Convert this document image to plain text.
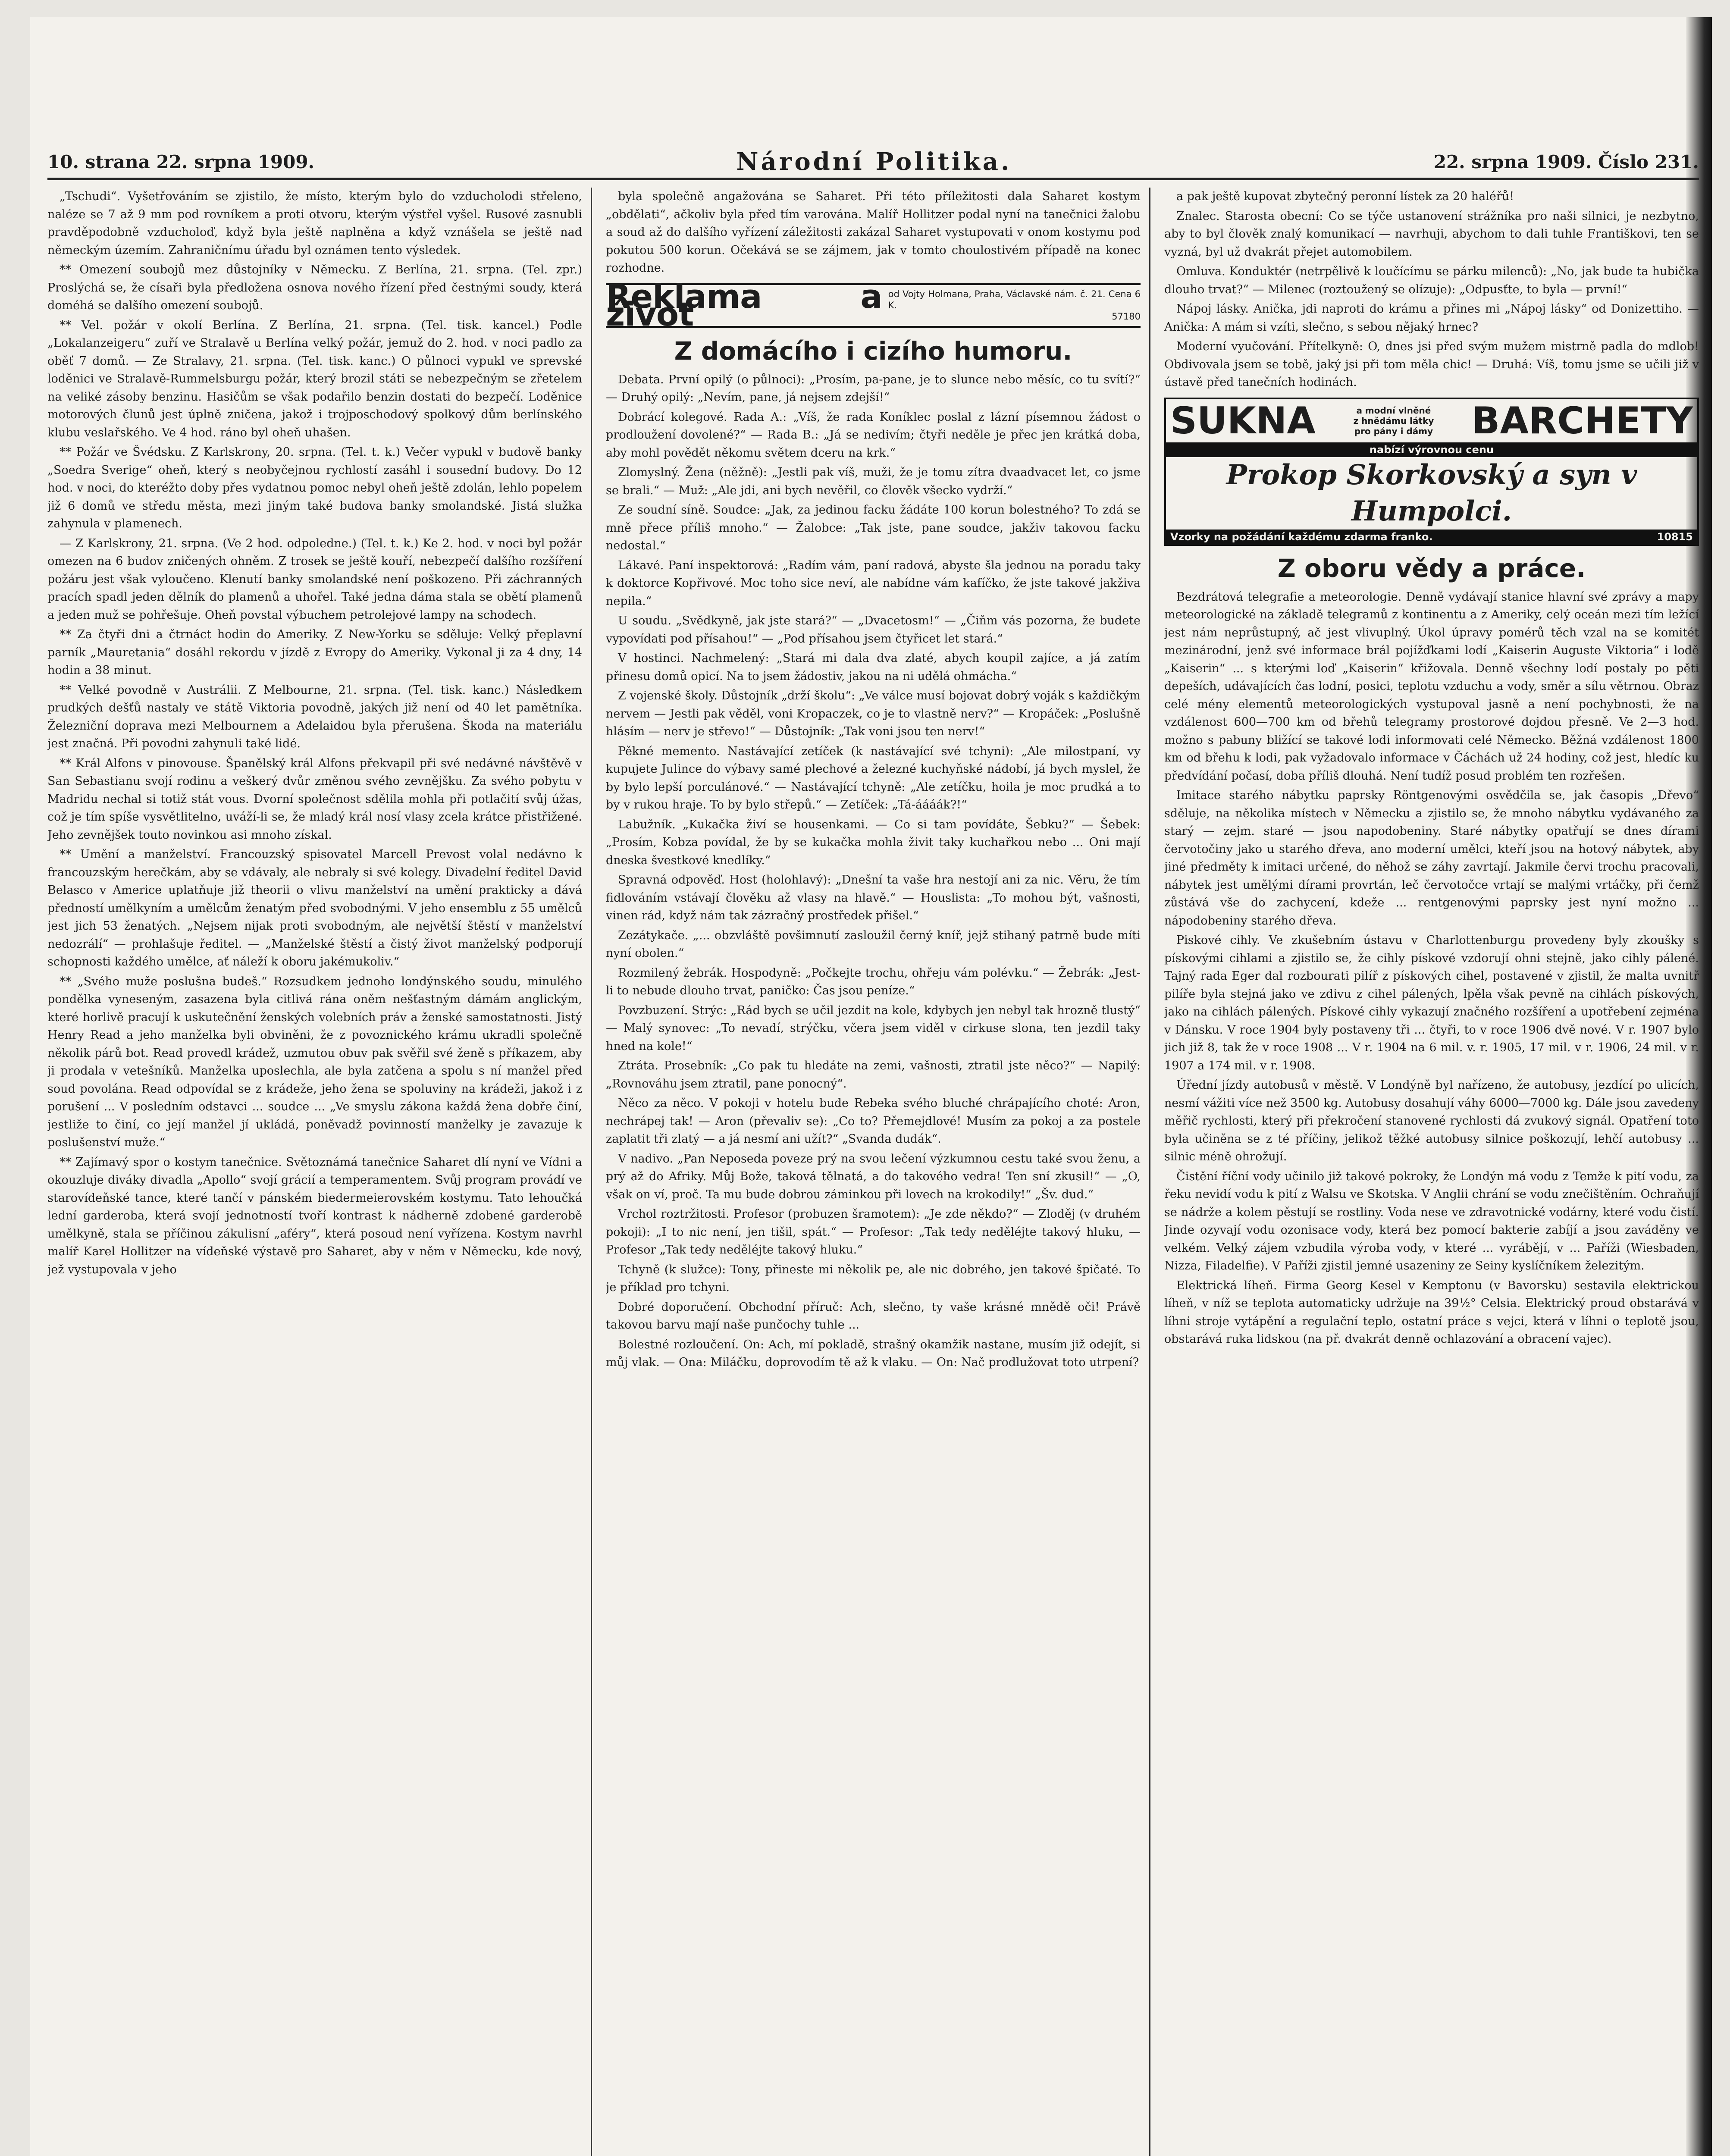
10. strana 22. srpna 1909.	Národní Politika.	22. srpna 1909. Číslo 231.

„Tschudi“. Vyšetřováním se zjistilo, že místo, kterým bylo do vzducholodi střeleno, naléze se 7 až 9 mm pod rovníkem a proti otvoru, kterým výstřel vyšel. Rusové zasnubli pravděpodobně vzducholoď, když byla ještě naplněna a když vznášela se ještě nad německým územím. Zahraničnímu úřadu byl oznámen tento výsledek.

** Omezení soubojů mez důstojníky v Německu. Z Berlína, 21. srpna. (Tel. zpr.) Proslýchá se, že císaři byla předložena osnova nového řízení před čestnými soudy, která doméhá se dalšího omezení soubojů.

** Vel. požár v okolí Berlína. Z Berlína, 21. srpna. (Tel. tisk. kancel.) Podle „Lokalanzeigeru“ zuří ve Stralavě u Berlína velký požár, jemuž do 2. hod. v noci padlo za oběť 7 domů. — Ze Stralavy, 21. srpna. (Tel. tisk. kanc.) O půlnoci vypukl ve sprevské loděnici ve Stralavě-Rummelsburgu požár, který brozil státi se nebezpečným se zřetelem na veliké zásoby benzinu. Hasičům se však podařilo benzin dostati do bezpečí. Loděnice motorových člunů jest úplně zničena, jakož i trojposchodový spolkový dům berlínského klubu veslařského. Ve 4 hod. ráno byl oheň uhašen.

** Požár ve Švédsku. Z Karlskrony, 20. srpna. (Tel. t. k.) Večer vypukl v budově banky „Soedra Sverige“ oheň, který s neobyčejnou rychlostí zasáhl i sousední budovy. Do 12 hod. v noci, do kteréžto doby přes vydatnou pomoc nebyl oheň ještě zdolán, lehlo popelem již 6 domů ve středu města, mezi jiným také budova banky smolandské. Jistá služka zahynula v plamenech.

— Z Karlskrony, 21. srpna. (Ve 2 hod. odpoledne.) (Tel. t. k.) Ke 2. hod. v noci byl požár omezen na 6 budov zničených ohněm. Z trosek se ještě kouří, nebezpečí dalšího rozšíření požáru jest však vyloučeno. Klenutí banky smolandské není poškozeno. Při záchranných pracích spadl jeden dělník do plamenů a uhořel. Také jedna dáma stala se obětí plamenů a jeden muž se pohřešuje. Oheň povstal výbuchem petrolejové lampy na schodech.

** Za čtyři dni a čtrnáct hodin do Ameriky. Z New-Yorku se sděluje: Velký přeplavní parník „Mauretania“ dosáhl rekordu v jízdě z Evropy do Ameriky. Vykonal ji za 4 dny, 14 hodin a 38 minut.

** Velké povodně v Austrálii. Z Melbourne, 21. srpna. (Tel. tisk. kanc.) Následkem prudkých dešťů nastaly ve státě Viktoria povodně, jakých již není od 40 let pamětníka. Železniční doprava mezi Melbournem a Adelaidou byla přerušena. Škoda na materiálu jest značná. Při povodni zahynuli také lidé.

** Král Alfons v pinovouse. Španělský král Alfons překvapil při své nedávné návštěvě v San Sebastianu svojí rodinu a veškerý dvůr změnou svého zevnějšku. Za svého pobytu v Madridu nechal si totiž stát vous. Dvorní společnost sdělila mohla při potlačití svůj úžas, což je tím spíše vysvětlitelno, uváží-li se, že mladý král nosí vlasy zcela krátce přistřižené. Jeho zevnějšek touto novinkou asi mnoho získal.

** Umění a manželství. Francouzský spisovatel Marcell Prevost volal nedávno k francouzským herečkám, aby se vdávaly, ale nebraly si své kolegy. Divadelní ředitel David Belasco v Americe uplatňuje již theorii o vlivu manželství na umění prakticky a dává předností umělkyním a umělcům ženatým před svobodnými. V jeho ensemblu z 55 umělců jest jich 53 ženatých. „Nejsem nijak proti svobodným, ale největší štěstí v manželství nedozrálí“ — prohlašuje ředitel. — „Manželské štěstí a čistý život manželský podporují schopnosti každého umělce, ať náleží k oboru jakémukoliv.“

** „Svého muže poslušna budeš.“ Rozsudkem jednoho londýnského soudu, minulého pondělka vyneseným, zasazena byla citlivá rána oněm nešťastným dámám anglickým, které horlivě pracují k uskutečnění ženských volebních práv a ženské samostatnosti. Jistý Henry Read a jeho manželka byli obviněni, že z povoznického krámu ukradli společně několik párů bot. Read provedl krádež, uzmutou obuv pak svěřil své ženě s příkazem, aby ji prodala v vetešníků. Manželka uposlechla, ale byla zatčena a spolu s ní manžel před soud povolána. Read odpovídal se z krádeže, jeho žena se spoluviny na krádeži, jakož i z porušení ... V posledním odstavci ... soudce ... „Ve smyslu zákona každá žena dobře činí, jestliže to činí, co její manžel jí ukládá, poněvadž povinností manželky je zavazuje k poslušenství muže.“

** Zajímavý spor o kostym tanečnice. Světoznámá tanečnice Saharet dlí nyní ve Vídni a okouzluje diváky divadla „Apollo“ svojí grácií a temperamentem. Svůj program provádí ve starovídeňské tance, které tančí v pánském biedermeierovském kostymu. Tato lehoučká lední garderoba, která svojí jednotností tvoří kontrast k nádherně zdobené garderobě umělkyně, stala se příčinou zákulisní „aféry“, která posoud není vyřízena. Kostym navrhl malíř Karel Hollitzer na vídeňské výstavě pro Saharet, aby v něm v Německu, kde nový, jež vystupovala v jeho

byla společně angažována se Saharet. Při této příležitosti dala Saharet kostym „obdělati“, ačkoliv byla před tím varována. Malíř Hollitzer podal nyní na tanečnici žalobu a soud až do dalšího vyřízení záležitosti zakázal Saharet vystupovati v onom kostymu pod pokutou 500 korun. Očekává se se zájmem, jak v tomto choulostivém případě na konec rozhodne.

Reklama a život
od Vojty Holmana, Praha, Václavské nám. č. 21. Cena 6 K.
57180
Z domácího i cizího humoru.

Debata. První opilý (o půlnoci): „Prosím, pa-pane, je to slunce nebo měsíc, co tu svítí?“ — Druhý opilý: „Nevím, pane, já nejsem zdejší!“

Dobrácí kolegové. Rada A.: „Víš, že rada Koníklec poslal z lázní písemnou žádost o prodloužení dovolené?“ — Rada B.: „Já se nedivím; čtyři neděle je přec jen krátká doba, aby mohl povědět někomu světem dceru na krk.“

Zlomyslný. Žena (něžně): „Jestli pak víš, muži, že je tomu zítra dvaadvacet let, co jsme se brali.“ — Muž: „Ale jdi, ani bych nevěřil, co člověk všecko vydrží.“

Ze soudní síně. Soudce: „Jak, za jedinou facku žádáte 100 korun bolestného? To zdá se mně přece příliš mnoho.“ — Žalobce: „Tak jste, pane soudce, jakživ takovou facku nedostal.“

Lákavé. Paní inspektorová: „Radím vám, paní radová, abyste šla jednou na poradu taky k doktorce Kopřivové. Moc toho sice neví, ale nabídne vám kafíčko, že jste takové jakživa nepila.“

U soudu. „Svědkyně, jak jste stará?“ — „Dvacetosm!“ — „Čiňm vás pozorna, že budete vypovídati pod přísahou!“ — „Pod přísahou jsem čtyřicet let stará.“

V hostinci. Nachmelený: „Stará mi dala dva zlaté, abych koupil zajíce, a já zatím přinesu domů opicí. Na to jsem žádostiv, jakou na ni udělá ohmácha.“

Z vojenské školy. Důstojník „drží školu“: „Ve válce musí bojovat dobrý voják s každičkým nervem — Jestli pak věděl, voni Kropaczek, co je to vlastně nerv?“ — Kropáček: „Poslušně hlásím — nerv je střevo!“ — Důstojník: „Tak voni jsou ten nerv!“

Pěkné memento. Nastávající zetíček (k nastávající své tchyni): „Ale milostpaní, vy kupujete Julince do výbavy samé plechové a železné kuchyňské nádobí, já bych myslel, že by bylo lepší porculánové.“ — Nastávající tchyně: „Ale zetíčku, hoila je moc prudká a to by v rukou hraje. To by bylo střepů.“ — Zetíček: „Tá-áááák?!“

Labužník. „Kukačka živí se housenkami. — Co si tam povídáte, Šebku?“ — Šebek: „Prosím, Kobza povídal, že by se kukačka mohla živit taky kuchařkou nebo ... Oni mají dneska švestkové knedlíky.“

Spravná odpověď. Host (holohlavý): „Dnešní ta vaše hra nestojí ani za nic. Věru, že tím fidlováním vstávají člověku až vlasy na hlavě.“ — Houslista: „To mohou být, vašnosti, vinen rád, když nám tak zázračný prostředek přišel.“

Zezátykače. „... obzvláště povšimnutí zasloužil černý kníř, jejž stihaný patrně bude míti nyní obolen.“

Rozmilený žebrák. Hospodyně: „Počkejte trochu, ohřeju vám polévku.“ — Žebrák: „Jest-li to nebude dlouho trvat, paničko: Čas jsou peníze.“

Povzbuzení. Strýc: „Rád bych se učil jezdit na kole, kdybych jen nebyl tak hrozně tlustý“ — Malý synovec: „To nevadí, strýčku, včera jsem viděl v cirkuse slona, ten jezdil taky hned na kole!“

Ztráta. Prosebník: „Co pak tu hledáte na zemi, vašnosti, ztratil jste něco?“ — Napilý: „Rovnováhu jsem ztratil, pane ponocný“.

Něco za něco. V pokoji v hotelu bude Rebeka svého bluché chrápajícího choté: Aron, nechrápej tak! — Aron (převaliv se): „Co to? Přemejdlové! Musím za pokoj a za postele zaplatit tři zlatý — a já nesmí ani užít?“ „Svanda dudák“.

V nadivo. „Pan Neposeda poveze prý na svou lečení výzkumnou cestu také svou ženu, a prý až do Afriky. Můj Bože, taková tělnatá, a do takového vedra! Ten sní zkusil!“ — „O, však on ví, proč. Ta mu bude dobrou záminkou při lovech na krokodily!“ „Šv. dud.“

Vrchol roztržitosti. Profesor (probuzen šramotem): „Je zde někdo?“ — Zloděj (v druhém pokoji): „I to nic není, jen tišil, spát.“ — Profesor: „Tak tedy neděléjte takový hluku, — Profesor „Tak tedy neděléjte takový hluku.“

Tchyně (k služce): Tony, přineste mi několik pe, ale nic dobrého, jen takové špičaté. To je příklad pro tchyni.

Dobré doporučení. Obchodní příruč: Ach, slečno, ty vaše krásné mnědě oči! Právě takovou barvu mají naše punčochy tuhle ...

Bolestné rozloučení. On: Ach, mí pokladě, strašný okamžik nastane, musím již odejít, si můj vlak. — Ona: Miláčku, doprovodím tě až k vlaku. — On: Nač prodlužovat toto utrpení?

a pak ještě kupovat zbytečný peronní lístek za 20 haléřů!

Znalec. Starosta obecní: Co se týče ustanovení strážníka pro naši silnici, je nezbytno, aby to byl člověk znalý komunikací — navrhuji, abychom to dali tuhle Františkovi, ten se vyzná, byl už dvakrát přejet automobilem.

Omluva. Konduktér (netrpělivě k loučícímu se párku milenců): „No, jak bude ta hubička dlouho trvat?“ — Milenec (roztoužený se olízuje): „Odpusťte, to byla — první!“

Nápoj lásky. Anička, jdi naproti do krámu a přines mi „Nápoj lásky“ od Donizettiho. — Anička: A mám si vzíti, slečno, s sebou nějaký hrnec?

Moderní vyučování. Přítelkyně: O, dnes jsi před svým mužem mistrně padla do mdlob! Obdivovala jsem se tobě, jaký jsi při tom měla chic! — Druhá: Víš, tomu jsme se učili již v ústavě před tanečních hodinách.

SUKNA	a modní vlněné
z hnědámu látky
pro pány i dámy BARCHETY
nabízí výrovnou cenu
Prokop Skorkovský a syn v Humpolci.
Vzorky na požádání každému zdarma franko.	10815
Z oboru vědy a práce.

Bezdrátová telegrafie a meteorologie. Denně vydávají stanice hlavní své zprávy a mapy meteorologické na základě telegramů z kontinentu a z Ameriky, celý oceán mezi tím ležící jest nám neprůstupný, ač jest vlivuplný. Úkol úpravy pomérů těch vzal na se komitét mezinárodní, jenž své informace brál pojížďkami lodí „Kaiserin Auguste Viktoria“ i lodě „Kaiserin“ ... s kterými loď „Kaiserin“ křižovala. Denně všechny lodí postaly po pěti depeších, udávajících čas lodní, posici, teplotu vzduchu a vody, směr a sílu větrnou. Obraz celé mény elementů meteorologických vystupoval jasně a není pochybnosti, že na vzdálenost 600—700 km od břehů telegramy prostorové dojdou přesně. Ve 2—3 hod. možno s pabuny bližící se takové lodi informovati celé Německo. Běžná vzdálenost 1800 km od břehu k lodi, pak vyžadovalo informace v Čáchách už 24 hodiny, což jest, hledíc ku předvídání počasí, doba příliš dlouhá. Není tudíž posud problém ten rozřešen.

Imitace starého nábytku paprsky Röntgenovými osvědčila se, jak časopis „Dřevo“ sděluje, na několika místech v Německu a zjistilo se, že mnoho nábytku vydávaného za starý — zejm. staré — jsou napodobeniny. Staré nábytky opatřují se dnes dírami červotočiny jako u starého dřeva, ano moderní umělci, kteří jsou na hotový nábytek, aby jiné předměty k imitaci určené, do něhož se záhy zavrtají. Jakmile červi trochu pracovali, nábytek jest umělými dírami provrtán, leč červotočce vrtají se malými vrtáčky, při čemž zůstává vše do zachycení, kdeže ... rentgenovými paprsky jest nyní možno ... nápodobeniny starého dřeva.

Piskové cihly. Ve zkušebním ústavu v Charlottenburgu provedeny byly zkoušky s pískovými cihlami a zjistilo se, že cihly pískové vzdorují ohni stejně, jako cihly pálené. Tajný rada Eger dal rozbourati pilíř z pískových cihel, postavené v zjistil, že malta uvnitř pilíře byla stejná jako ve zdivu z cihel pálených, lpěla však pevně na cihlách pískových, jako na cihlách pálených. Pískové cihly vykazují značného rozšíření a upotřebení zejména v Dánsku. V roce 1904 byly postaveny tři ... čtyři, to v roce 1906 dvě nové. V r. 1907 bylo jich již 8, tak že v roce 1908 ... V r. 1904 na 6 mil. v. r. 1905, 17 mil. v r. 1906, 24 mil. v r. 1907 a 174 mil. v r. 1908.

Úřední jízdy autobusů v městě. V Londýně byl nařízeno, že autobusy, jezdící po ulicích, nesmí vážiti více než 3500 kg. Autobusy dosahují váhy 6000—7000 kg. Dále jsou zavedeny měřič rychlosti, který při překročení stanovené rychlosti dá zvukový signál. Opatření toto byla učiněna se z té příčiny, jelikož těžké autobusy silnice poškozují, lehčí autobusy ... silnic méně ohrožují.

Čistění říční vody učinilo již takové pokroky, že Londýn má vodu z Temže k pití vodu, za řeku nevidí vodu k pití z Walsu ve Skotska. V Anglii chrání se vodu znečištěním. Ochraňují se nádrže a kolem pěstují se rostliny. Voda nese ve zdravotnické vodárny, které vodu čistí. Jinde ozyvají vodu ozonisace vody, která bez pomocí bakterie zabíjí a jsou zaváděny ve velkém. Velký zájem vzbudila výroba vody, v které ... vyrábějí, v ... Paříži (Wiesbaden, Nizza, Filadelfie). V Paříži zjistil jemné usazeniny ze Seiny kyslíčníkem železitým.

Elektrická líheň. Firma Georg Kesel v Kemptonu (v Bavorsku) sestavila elektrickou líheň, v níž se teplota automaticky udržuje na 39½° Celsia. Elektrický proud obstarává v líhni stroje vytápění a regulační teplo, ostatní práce s vejci, která v líhni o teplotě jsou, obstarává ruka lidskou (na př. dvakrát denně ochlazování a obracení vajec).
